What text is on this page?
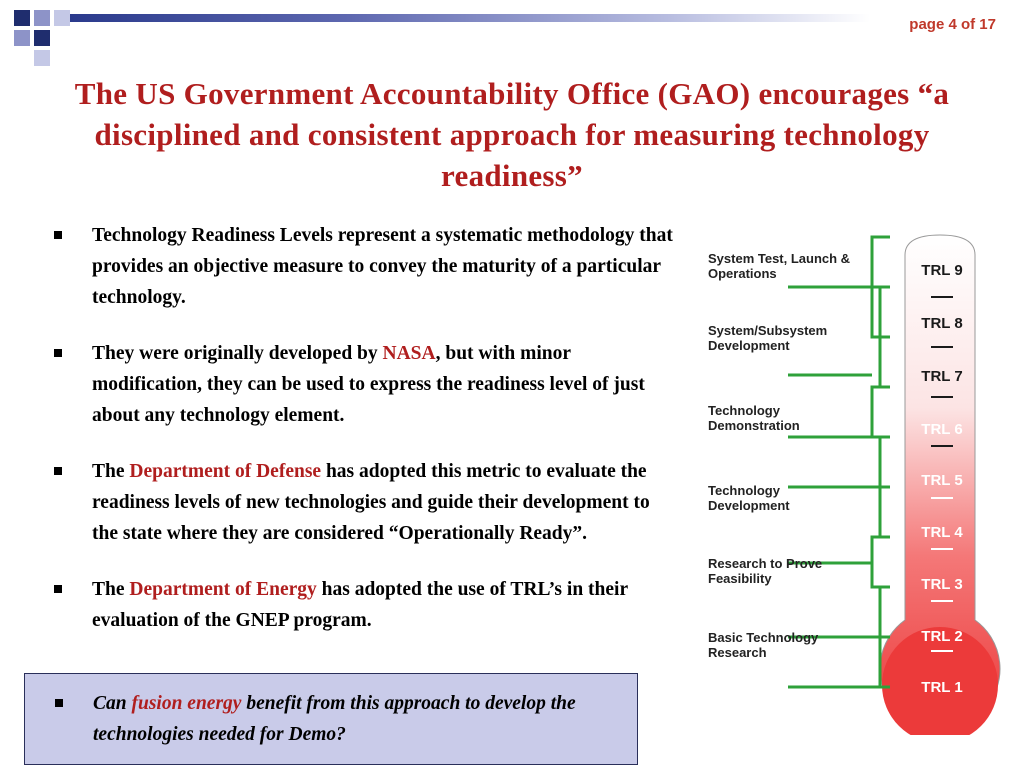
page 4 of 17
The US Government Accountability Office (GAO) encourages “a disciplined and consistent approach for measuring technology readiness”
Technology Readiness Levels represent a systematic methodology that provides an objective measure to convey the maturity of a particular technology.
They were originally developed by NASA, but with minor modification, they can be used to express the readiness level of just about any technology element.
The Department of Defense has adopted this metric to evaluate the readiness levels of new technologies and guide their development to the state where they are considered “Operationally Ready”.
The Department of Energy has adopted the use of TRL’s in their evaluation of the GNEP program.
Can fusion energy benefit from this approach to develop the technologies needed for Demo?
System Test, Launch & Operations
System/Subsystem Development
Technology Demonstration
Technology Development
Research to Prove Feasibility
Basic Technology Research
TRL 9
TRL 8
TRL 7
TRL 6
TRL 5
TRL 4
TRL 3
TRL 2
TRL 1
